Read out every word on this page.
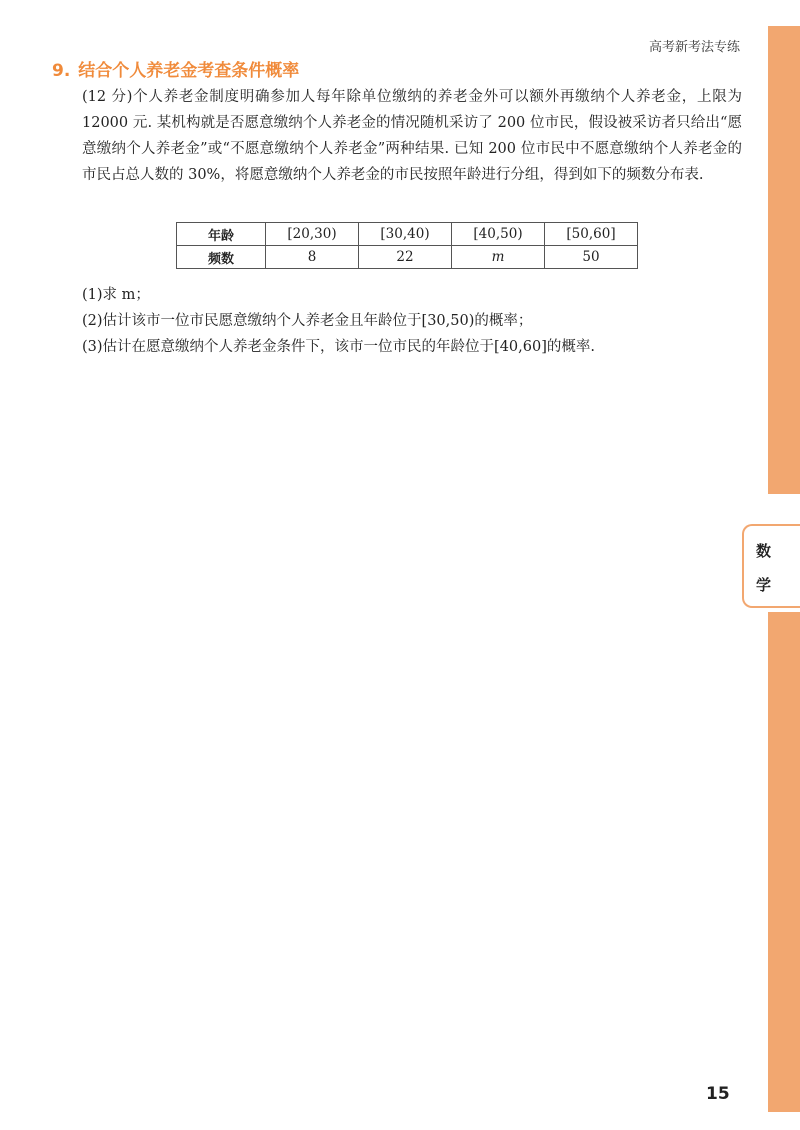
高考新考法专练
数
学
9. 结合个人养老金考查条件概率

(12 分)个人养老金制度明确参加人每年除单位缴纳的养老金外可以额外再缴纳个人养老金，上限为 12000 元. 某机构就是否愿意缴纳个人养老金的情况随机采访了 200 位市民，假设被采访者只给出“愿意缴纳个人养老金”或“不愿意缴纳个人养老金”两种结果. 已知 200 位市民中不愿意缴纳个人养老金的市民占总人数的 30%，将愿意缴纳个人养老金的市民按照年龄进行分组，得到如下的频数分布表.

年龄	[20,30)	[30,40)	[40,50)	[50,60]
频数	8	22	m	50
(1)求 m；
(2)估计该市一位市民愿意缴纳个人养老金且年龄位于[30,50)的概率；
(3)估计在愿意缴纳个人养老金条件下，该市一位市民的年龄位于[40,60]的概率.
15
